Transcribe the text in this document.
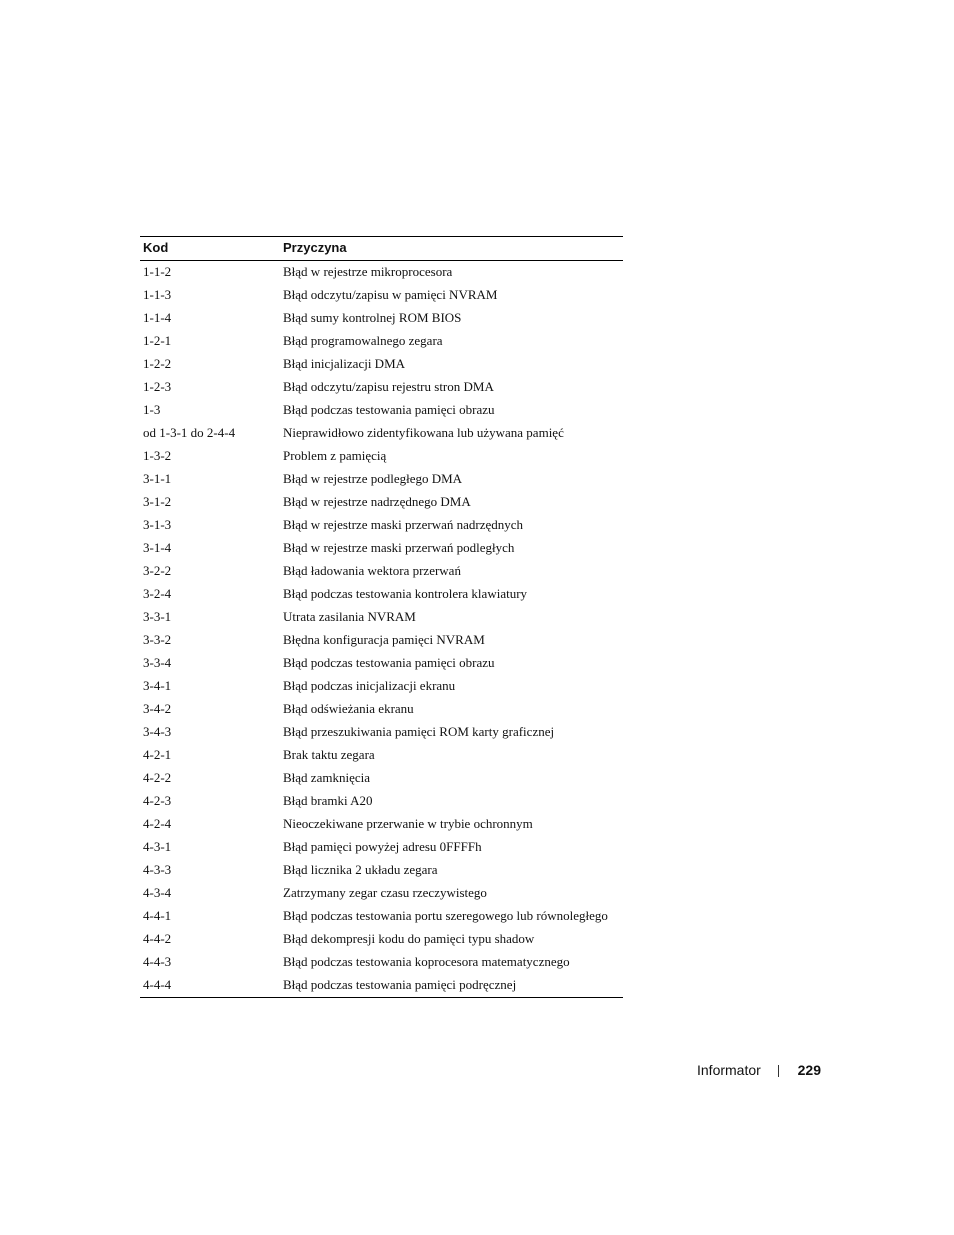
Kod	Przyczyna
1-1-2	Błąd w rejestrze mikroprocesora
1-1-3	Błąd odczytu/zapisu w pamięci NVRAM
1-1-4	Błąd sumy kontrolnej ROM BIOS
1-2-1	Błąd programowalnego zegara
1-2-2	Błąd inicjalizacji DMA
1-2-3	Błąd odczytu/zapisu rejestru stron DMA
1-3	Błąd podczas testowania pamięci obrazu
od 1-3-1 do 2-4-4	Nieprawidłowo zidentyfikowana lub używana pamięć
1-3-2	Problem z pamięcią
3-1-1	Błąd w rejestrze podległego DMA
3-1-2	Błąd w rejestrze nadrzędnego DMA
3-1-3	Błąd w rejestrze maski przerwań nadrzędnych
3-1-4	Błąd w rejestrze maski przerwań podległych
3-2-2	Błąd ładowania wektora przerwań
3-2-4	Błąd podczas testowania kontrolera klawiatury
3-3-1	Utrata zasilania NVRAM
3-3-2	Błędna konfiguracja pamięci NVRAM
3-3-4	Błąd podczas testowania pamięci obrazu
3-4-1	Błąd podczas inicjalizacji ekranu
3-4-2	Błąd odświeżania ekranu
3-4-3	Błąd przeszukiwania pamięci ROM karty graficznej
4-2-1	Brak taktu zegara
4-2-2	Błąd zamknięcia
4-2-3	Błąd bramki A20
4-2-4	Nieoczekiwane przerwanie w trybie ochronnym
4-3-1	Błąd pamięci powyżej adresu 0FFFFh
4-3-3	Błąd licznika 2 układu zegara
4-3-4	Zatrzymany zegar czasu rzeczywistego
4-4-1	Błąd podczas testowania portu szeregowego lub równoległego
4-4-2	Błąd dekompresji kodu do pamięci typu shadow
4-4-3	Błąd podczas testowania koprocesora matematycznego
4-4-4	Błąd podczas testowania pamięci podręcznej
Informator	229
